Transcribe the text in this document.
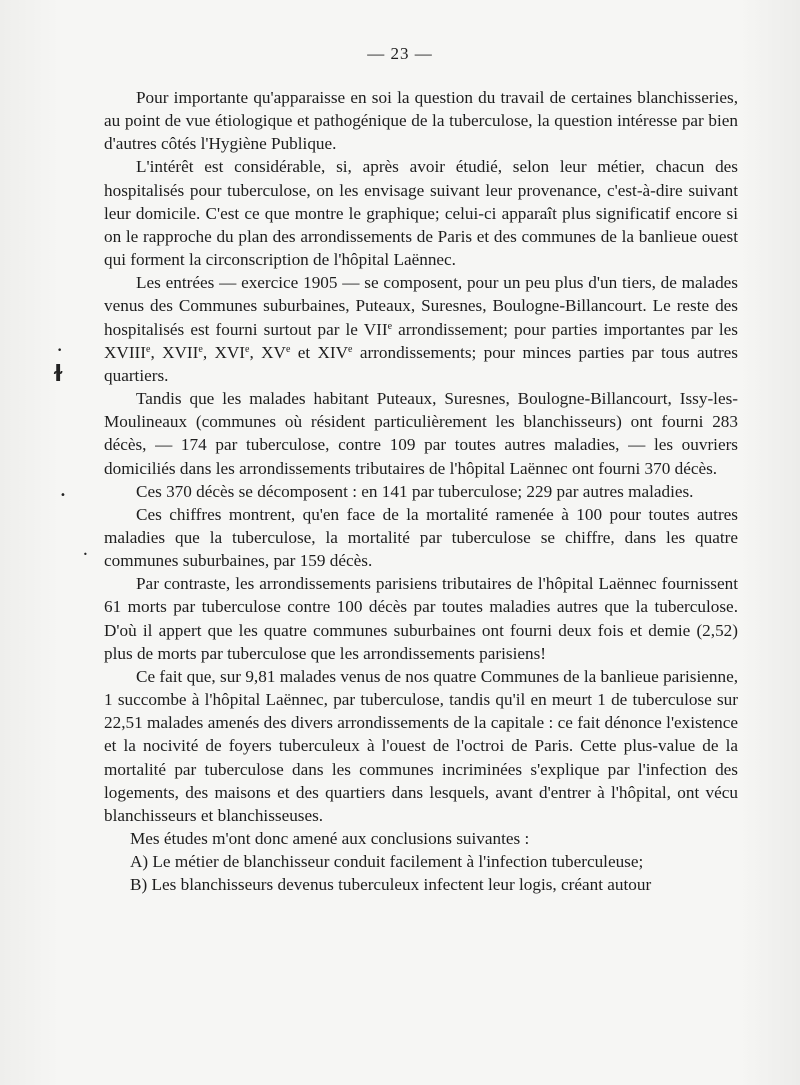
— 23 —
•
ɫ
•
•

Pour importante qu'apparaisse en soi la question du travail de certaines blanchisseries, au point de vue étiologique et pathogénique de la tuberculose, la question intéresse par bien d'autres côtés l'Hygiène Publique.

L'intérêt est considérable, si, après avoir étudié, selon leur métier, chacun des hospitalisés pour tuberculose, on les envisage suivant leur provenance, c'est-à-dire suivant leur domicile. C'est ce que montre le graphique; celui-ci apparaît plus significatif encore si on le rapproche du plan des arrondissements de Paris et des communes de la banlieue ouest qui forment la circonscription de l'hôpital Laënnec.

Les entrées — exercice 1905 — se composent, pour un peu plus d'un tiers, de malades venus des Communes suburbaines, Puteaux, Suresnes, Boulogne-Billancourt. Le reste des hospitalisés est fourni surtout par le VIIe arrondissement; pour parties importantes par les XVIIIe, XVIIe, XVIe, XVe et XIVe arrondissements; pour minces parties par tous autres quartiers.

Tandis que les malades habitant Puteaux, Suresnes, Boulogne-Billancourt, Issy-les-Moulineaux (communes où résident particulièrement les blanchisseurs) ont fourni 283 décès, — 174 par tuberculose, contre 109 par toutes autres maladies, — les ouvriers domiciliés dans les arrondissements tributaires de l'hôpital Laënnec ont fourni 370 décès.

Ces 370 décès se décomposent : en 141 par tuberculose; 229 par autres maladies.

Ces chiffres montrent, qu'en face de la mortalité ramenée à 100 pour toutes autres maladies que la tuberculose, la mortalité par tuberculose se chiffre, dans les quatre communes suburbaines, par 159 décès.

Par contraste, les arrondissements parisiens tributaires de l'hôpital Laënnec fournissent 61 morts par tuberculose contre 100 décès par toutes maladies autres que la tuberculose. D'où il appert que les quatre communes suburbaines ont fourni deux fois et demie (2,52) plus de morts par tuberculose que les arrondissements parisiens!

Ce fait que, sur 9,81 malades venus de nos quatre Communes de la banlieue parisienne, 1 succombe à l'hôpital Laënnec, par tuberculose, tandis qu'il en meurt 1 de tuberculose sur 22,51 malades amenés des divers arrondissements de la capitale : ce fait dénonce l'existence et la nocivité de foyers tuberculeux à l'ouest de l'octroi de Paris. Cette plus-value de la mortalité par tuberculose dans les communes incriminées s'explique par l'infection des logements, des maisons et des quartiers dans lesquels, avant d'entrer à l'hôpital, ont vécu blanchisseurs et blanchisseuses.

Mes études m'ont donc amené aux conclusions suivantes :

A) Le métier de blanchisseur conduit facilement à l'infection tuberculeuse;

B) Les blanchisseurs devenus tuberculeux infectent leur logis, créant autour
